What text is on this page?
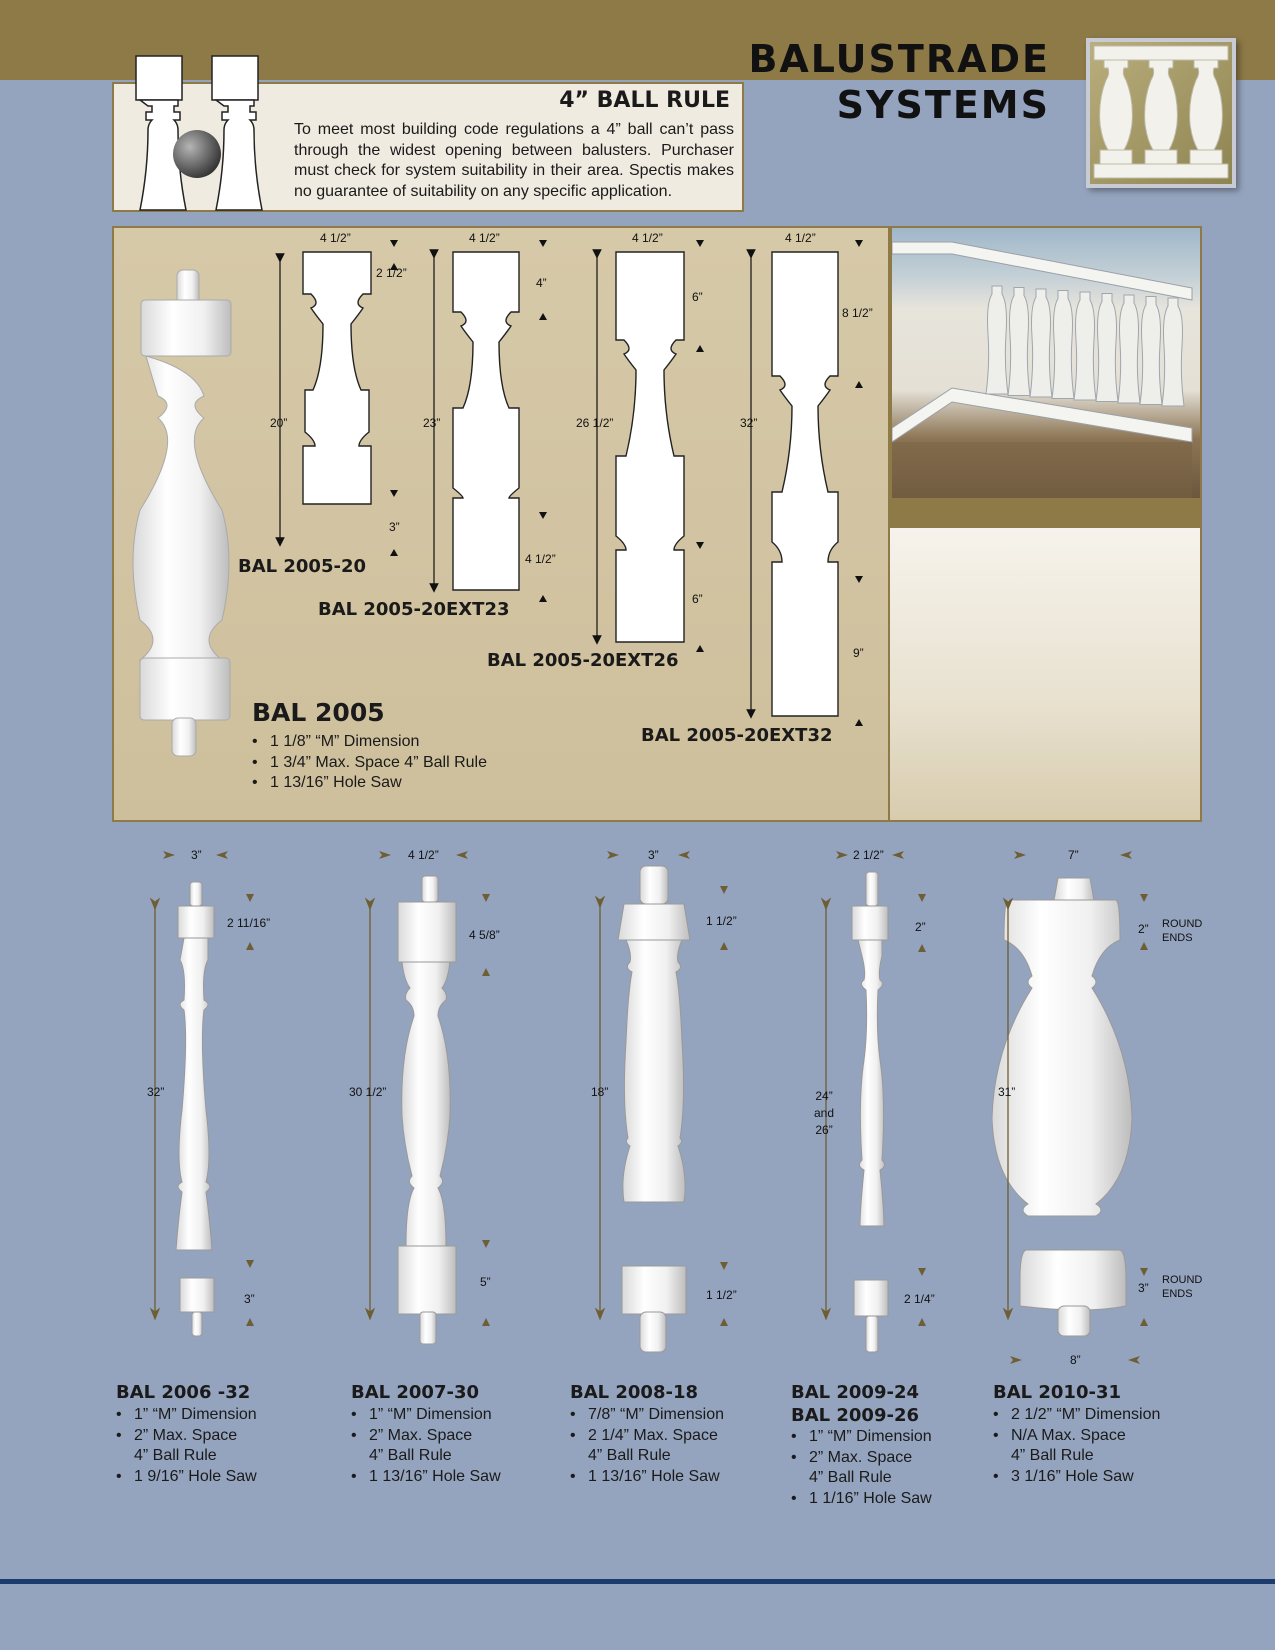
BALUSTRADE
SYSTEMS
4” BALL RULE

To meet most building code regulations a 4” ball can’t pass through the widest opening between balusters. Purchaser must check for system suitability in their area. Spectis makes no guarantee of suitability on any specific application.

4 1/2”
2 1/2”
20”
3”
4 1/2”
4”
23”
4 1/2”
4 1/2”
6”
26 1/2”
6”
4 1/2”
8 1/2”
32”
9”
BAL 2005-20
BAL 2005-20EXT23
BAL 2005-20EXT26
BAL 2005-20EXT32
BAL 2005
• 1 1/8” “M” Dimension
• 1 3/4” Max. Space 4” Ball Rule
• 1 13/16” Hole Saw
3”
2 11/16”
32”
3”
4 1/2”
4 5/8”
30 1/2”
5”
3”
1 1/2”
18”
1 1/2”
2 1/2”
2”
24”
and
26”
2 1/4”
7”
2” ROUND
ENDS
31”
3”
ROUND
ENDS
8”
BAL 2006 -32
• 1” “M” Dimension
• 2” Max. Space
4” Ball Rule
• 1 9/16” Hole Saw
BAL 2007-30
• 1” “M” Dimension
• 2” Max. Space
4” Ball Rule
• 1 13/16” Hole Saw
BAL 2008-18
• 7/8” “M” Dimension
• 2 1/4” Max. Space
4” Ball Rule
• 1 13/16” Hole Saw
BAL 2009-24
BAL 2009-26
• 1” “M” Dimension
• 2” Max. Space
4” Ball Rule
• 1 1/16” Hole Saw
BAL 2010-31
• 2 1/2” “M” Dimension
• N/A Max. Space
4” Ball Rule
• 3 1/16” Hole Saw
